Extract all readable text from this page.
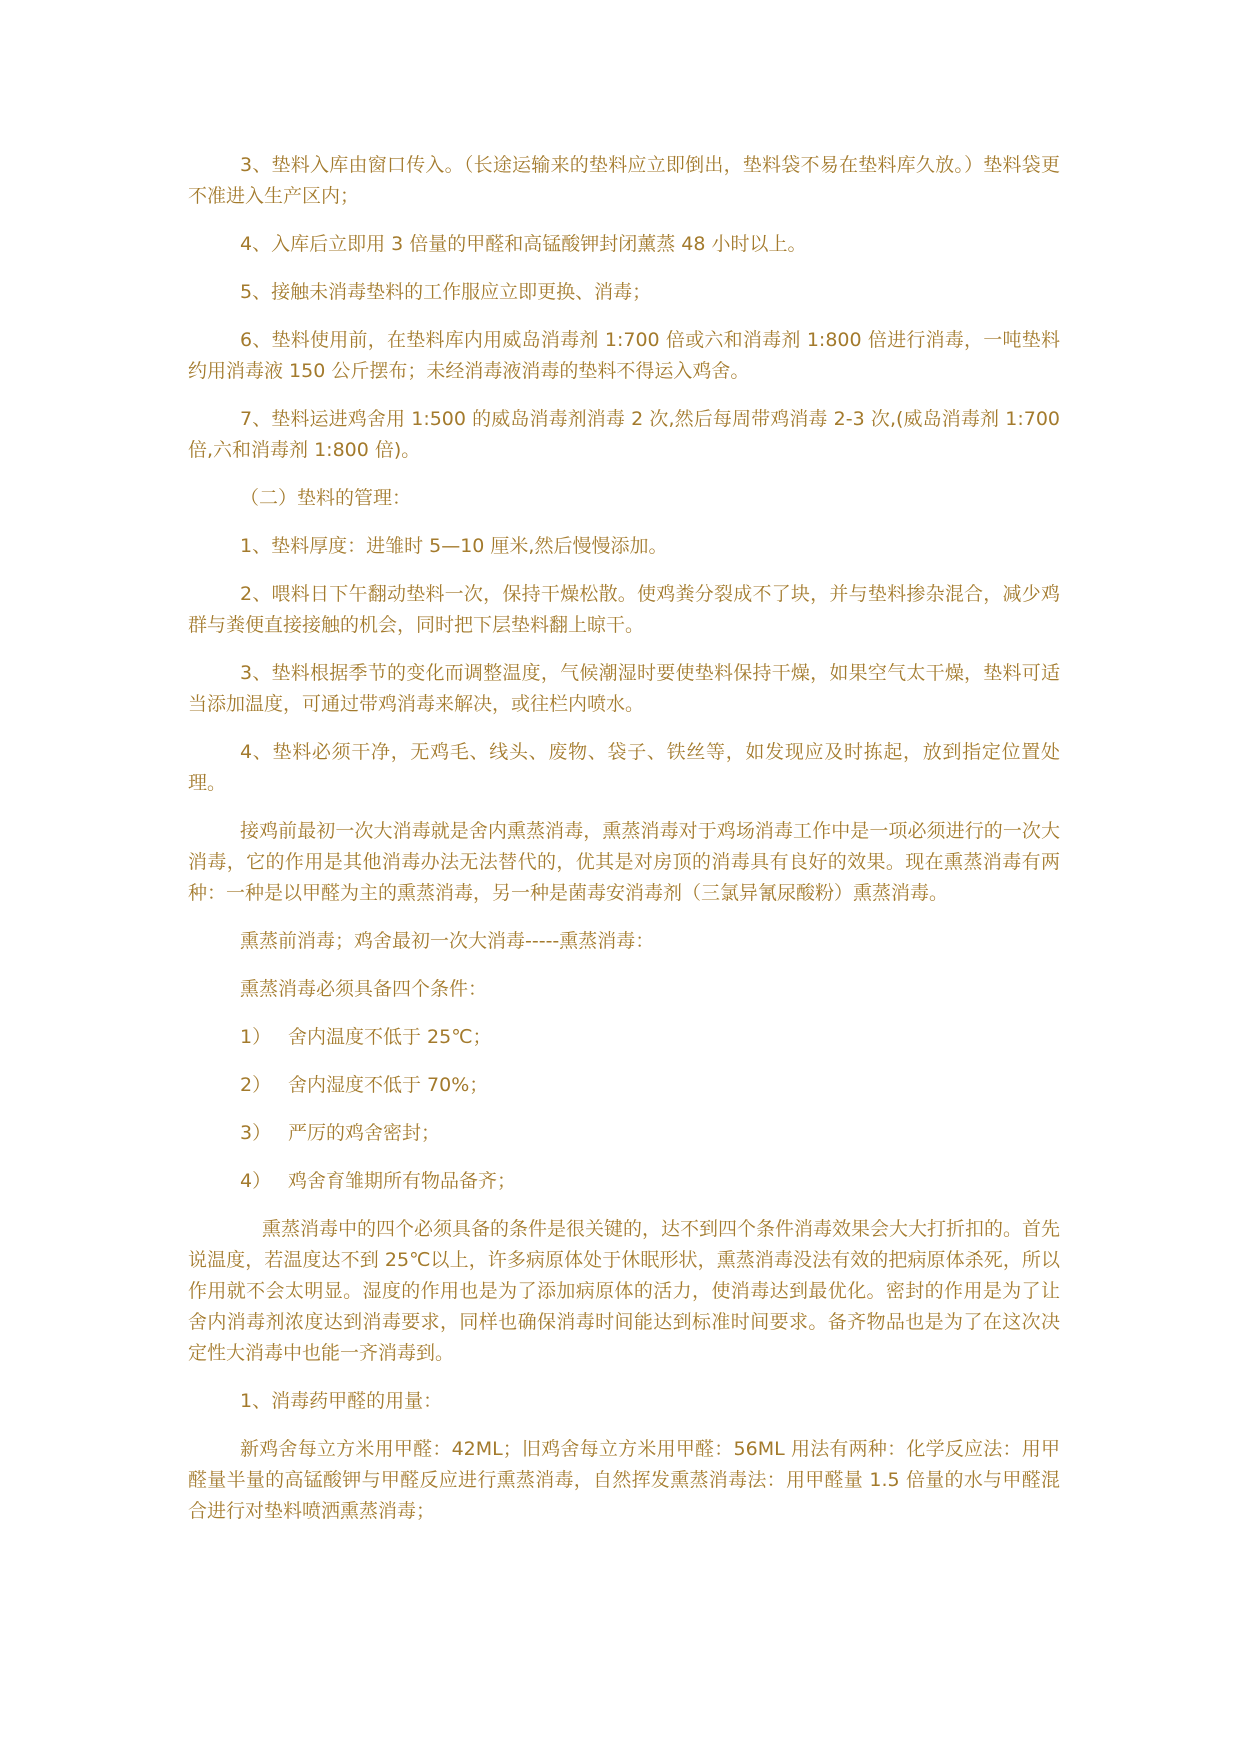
3、垫料入库由窗口传入。（长途运输来的垫料应立即倒出，垫料袋不易在垫料库久放。）垫料袋更不准进入生产区内；

4、入库后立即用 3 倍量的甲醛和高锰酸钾封闭薰蒸 48 小时以上。

5、接触未消毒垫料的工作服应立即更换、消毒；

6、垫料使用前，在垫料库内用威岛消毒剂 1:700 倍或六和消毒剂 1:800 倍进行消毒，一吨垫料约用消毒液 150 公斤摆布；未经消毒液消毒的垫料不得运入鸡舍。

7、垫料运进鸡舍用 1:500 的威岛消毒剂消毒 2 次,然后每周带鸡消毒 2-3 次,(威岛消毒剂 1:700 倍,六和消毒剂 1:800 倍)。

（二）垫料的管理：

1、垫料厚度：进雏时 5—10 厘米,然后慢慢添加。

2、喂料日下午翻动垫料一次，保持干燥松散。使鸡粪分裂成不了块，并与垫料掺杂混合，减少鸡群与粪便直接接触的机会，同时把下层垫料翻上晾干。

3、垫料根据季节的变化而调整温度，气候潮湿时要使垫料保持干燥，如果空气太干燥，垫料可适当添加温度，可通过带鸡消毒来解决，或往栏内喷水。

4、垫料必须干净，无鸡毛、线头、废物、袋子、铁丝等，如发现应及时拣起，放到指定位置处理。

接鸡前最初一次大消毒就是舍内熏蒸消毒，熏蒸消毒对于鸡场消毒工作中是一项必须进行的一次大消毒，它的作用是其他消毒办法无法替代的，优其是对房顶的消毒具有良好的效果。现在熏蒸消毒有两种：一种是以甲醛为主的熏蒸消毒，另一种是菌毒安消毒剂（三氯异氰尿酸粉）熏蒸消毒。

熏蒸前消毒；鸡舍最初一次大消毒-----熏蒸消毒：

熏蒸消毒必须具备四个条件：

1） 舍内温度不低于 25℃；
2） 舍内湿度不低于 70%；
3） 严厉的鸡舍密封；
4） 鸡舍育雏期所有物品备齐；

熏蒸消毒中的四个必须具备的条件是很关键的，达不到四个条件消毒效果会大大打折扣的。首先说温度，若温度达不到 25℃以上，许多病原体处于休眠形状，熏蒸消毒没法有效的把病原体杀死，所以作用就不会太明显。湿度的作用也是为了添加病原体的活力，使消毒达到最优化。密封的作用是为了让舍内消毒剂浓度达到消毒要求，同样也确保消毒时间能达到标准时间要求。备齐物品也是为了在这次决定性大消毒中也能一齐消毒到。

1、消毒药甲醛的用量：

新鸡舍每立方米用甲醛：42ML；旧鸡舍每立方米用甲醛：56ML 用法有两种：化学反应法：用甲醛量半量的高锰酸钾与甲醛反应进行熏蒸消毒，自然挥发熏蒸消毒法：用甲醛量 1.5 倍量的水与甲醛混合进行对垫料喷洒熏蒸消毒；
